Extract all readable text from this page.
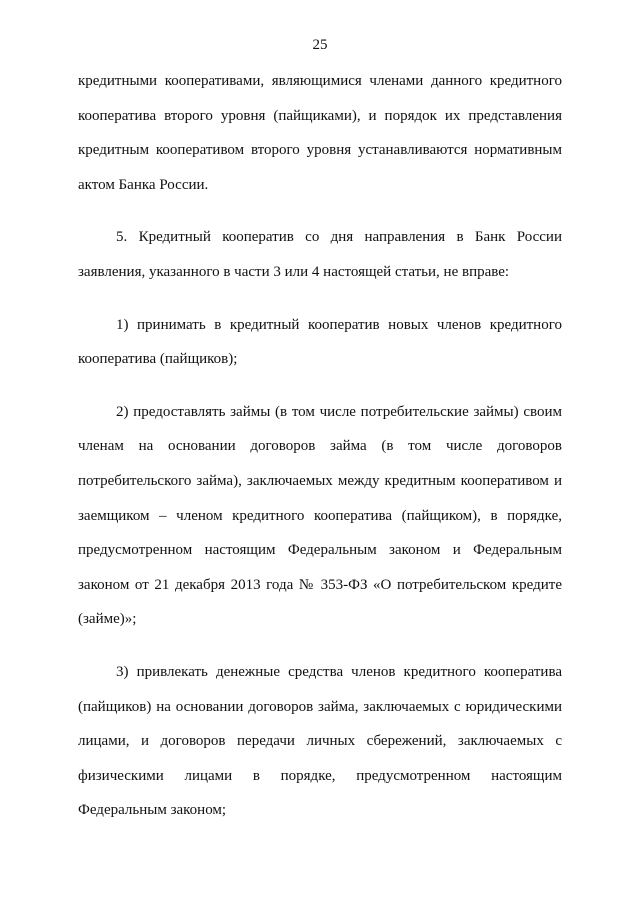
25
кредитными кооперативами, являющимися членами данного кредитного
кооператива второго уровня (пайщиками), и порядок их представления
кредитным кооперативом второго уровня устанавливаются нормативным
актом Банка России.
5. Кредитный кооператив со дня направления в Банк России
заявления, указанного в части 3 или 4 настоящей статьи, не вправе:
1) принимать в кредитный кооператив новых членов кредитного
кооператива (пайщиков);
2) предоставлять займы (в том числе потребительские займы) своим
членам на основании договоров займа (в том числе договоров
потребительского займа), заключаемых между кредитным кооперативом и
заемщиком – членом кредитного кооператива (пайщиком), в порядке,
предусмотренном настоящим Федеральным законом и Федеральным
законом от 21 декабря 2013 года № 353-ФЗ «О потребительском кредите
(займе)»;
3) привлекать денежные средства членов кредитного кооператива
(пайщиков) на основании договоров займа, заключаемых с юридическими
лицами, и договоров передачи личных сбережений, заключаемых с
физическими лицами в порядке, предусмотренном настоящим
Федеральным законом;
